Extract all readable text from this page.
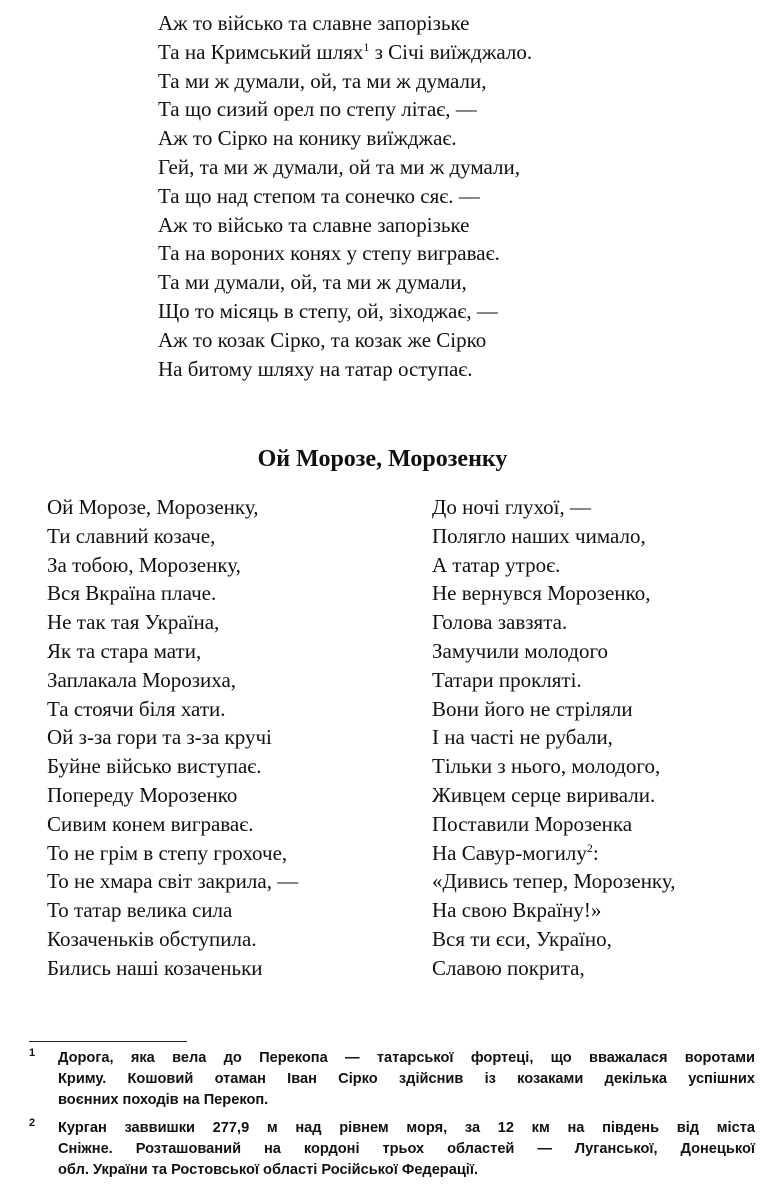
Аж то військо та славне запорізьке
Та на Кримський шлях$^1$ з Січі виїжджало.
Та ми ж думали, ой, та ми ж думали,
Та що сизий орел по степу літає, —
Аж то Сірко на конику виїжджає.
Гей, та ми ж думали, ой та ми ж думали,
Та що над степом та сонечко сяє. —
Аж то військо та славне запорізьке
Та на вороних конях у степу виграває.
Та ми думали, ой, та ми ж думали,
Що то місяць в степу, ой, зіходжає, —
Аж то козак Сірко, та козак же Сірко
На битому шляху на татар оступає.
Ой Морозе, Морозенку
Ой Морозе, Морозенку,
Ти славний козаче,
За тобою, Морозенку,
Вся Вкраїна плаче.
Не так тая Україна,
Як та стара мати,
Заплакала Морозиха,
Та стоячи біля хати.
Ой з-за гори та з-за кручі
Буйне військо виступає.
Попереду Морозенко
Сивим конем виграває.
То не грім в степу грохоче,
То не хмара світ закрила, —
То татар велика сила
Козаченьків обступила.
Бились наші козаченьки
До ночі глухої, —
Полягло наших чимало,
А татар утроє.
Не вернувся Морозенко,
Голова завзята.
Замучили молодого
Татари прокляті.
Вони його не стріляли
І на часті не рубали,
Тільки з нього, молодого,
Живцем серце виривали.
Поставили Морозенка
На Савур-могилу$^2$:
«Дивись тепер, Морозенку,
На свою Вкраїну!»
Вся ти єси, Україно,
Славою покрита,
1 Дорога, яка вела до Перекопа — татарської фортеці, що вважалася воротами
Криму. Кошовий отаман Іван Сірко здійснив із козаками декілька успішних
воєнних походів на Перекоп.
2 Курган заввишки 277,9 м над рівнем моря, за 12 км на південь від міста
Сніжне. Розташований на кордоні трьох областей — Луганської, Донецької
обл. України та Ростовської області Російської Федерації.
